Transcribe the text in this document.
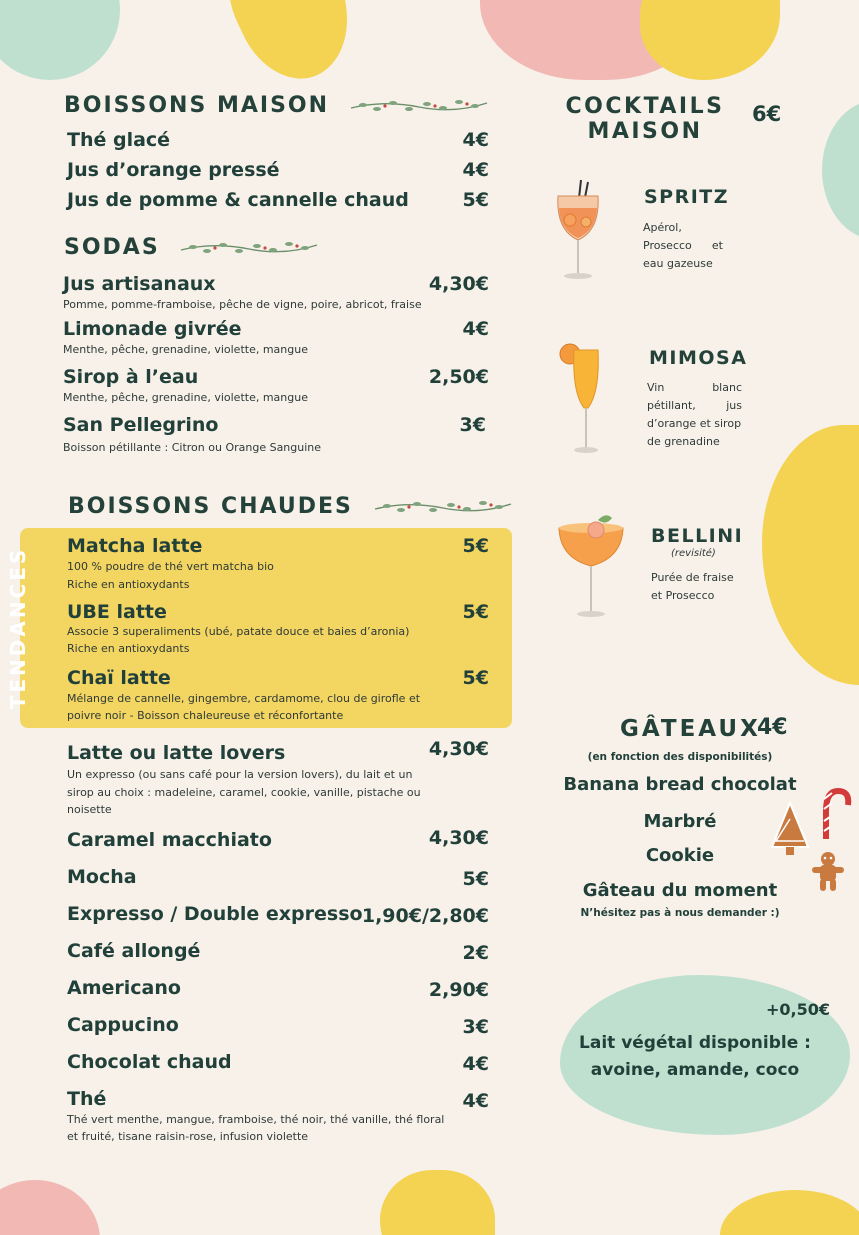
BOISSONS MAISON
Thé glacé	4€
Jus d’orange pressé	4€
Jus de pomme & cannelle chaud	5€
SODAS
Jus artisanaux	4,30€
Pomme, pomme-framboise, pêche de vigne, poire, abricot, fraise
Limonade givrée	4€
Menthe, pêche, grenadine, violette, mangue
Sirop à l’eau	2,50€
Menthe, pêche, grenadine, violette, mangue
San Pellegrino	3€
Boisson pétillante : Citron ou Orange Sanguine
BOISSONS CHAUDES
TENDANCES
Matcha latte	5€
100 % poudre de thé vert matcha bio
Riche en antioxydants
UBE latte	5€
Associe 3 superaliments (ubé, patate douce et baies d’aronia)
Riche en antioxydants
Chaï latte	5€
Mélange de cannelle, gingembre, cardamome, clou de girofle et
poivre noir - Boisson chaleureuse et réconfortante
Latte ou latte lovers	4,30€
Un expresso (ou sans café pour la version lovers), du lait et un
sirop au choix : madeleine, caramel, cookie, vanille, pistache ou
noisette
Caramel macchiato	4,30€
Mocha	5€
Expresso / Double expresso 1,90€/2,80€
Café allongé	2€
Americano	2,90€
Cappucino	3€
Chocolat chaud	4€
Thé	4€
Thé vert menthe, mangue, framboise, thé noir, thé vanille, thé floral
et fruité, tisane raisin-rose, infusion violette
COCKTAILS
MAISON
6€
SPRITZ
Apérol,
Prosecco et
eau gazeuse
MIMOSA
Vin blanc
pétillant, jus
d’orange et sirop
de grenadine
BELLINI
(revisité)
Purée de fraise
et Prosecco
GÂTEAUX
4€
(en fonction des disponibilités)
Banana bread chocolat
Marbré
Cookie
Gâteau du moment
N’hésitez pas à nous demander :)
+0,50€
Lait végétal disponible :
avoine, amande, coco
